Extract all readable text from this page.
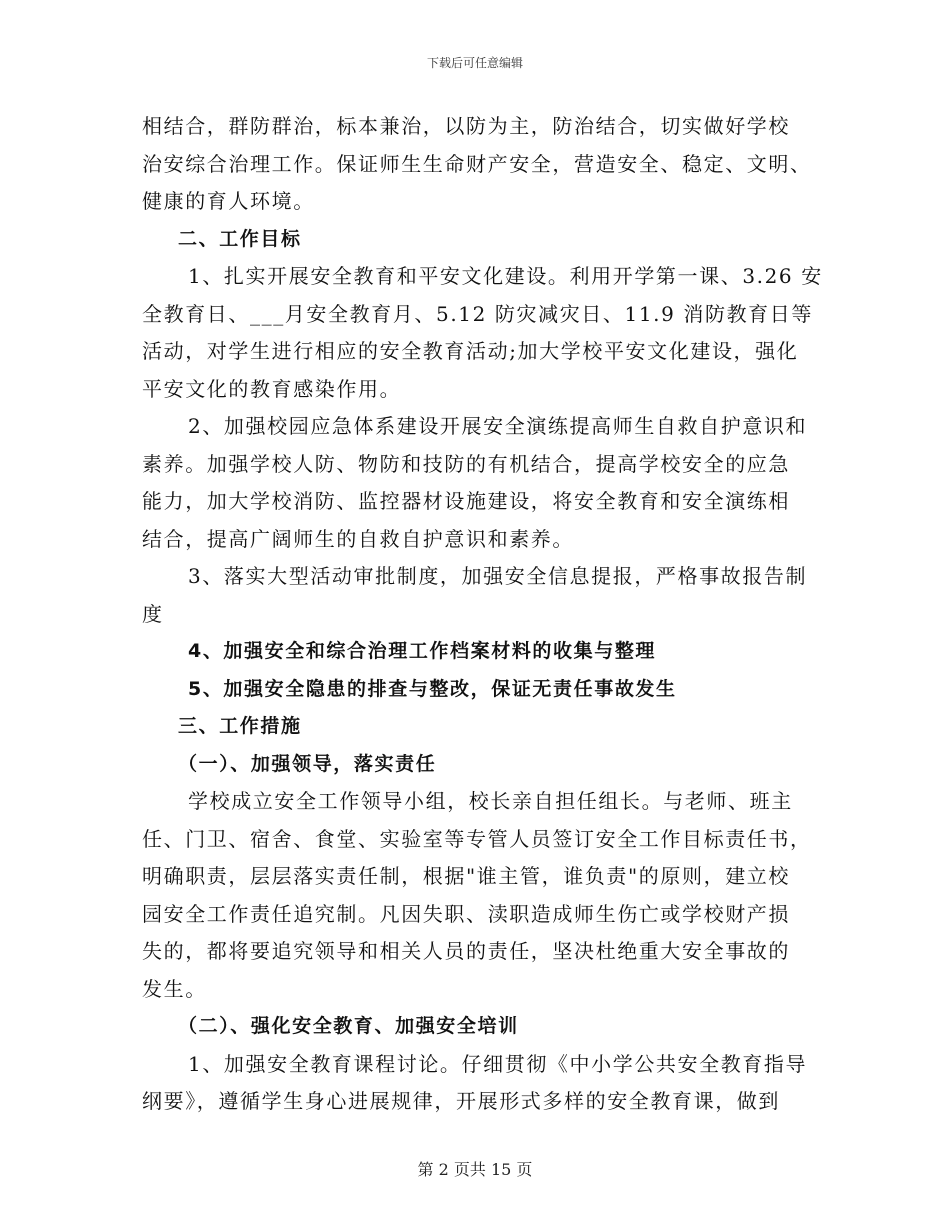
下载后可任意编辑
相结合，群防群治，标本兼治，以防为主，防治结合，切实做好学校
治安综合治理工作。保证师生生命财产安全，营造安全、稳定、文明、
健康的育人环境。
二、工作目标
1、扎实开展安全教育和平安文化建设。利用开学第一课、3.26 安
全教育日、___月安全教育月、5.12 防灾减灾日、11.9 消防教育日等
活动，对学生进行相应的安全教育活动;加大学校平安文化建设，强化
平安文化的教育感染作用。
2、加强校园应急体系建设开展安全演练提高师生自救自护意识和
素养。加强学校人防、物防和技防的有机结合，提高学校安全的应急
能力，加大学校消防、监控器材设施建设，将安全教育和安全演练相
结合，提高广阔师生的自救自护意识和素养。
3、落实大型活动审批制度，加强安全信息提报，严格事故报告制
度
4、加强安全和综合治理工作档案材料的收集与整理
5、加强安全隐患的排查与整改，保证无责任事故发生
三、工作措施
（一）、加强领导，落实责任
学校成立安全工作领导小组，校长亲自担任组长。与老师、班主
任、门卫、宿舍、食堂、实验室等专管人员签订安全工作目标责任书，
明确职责，层层落实责任制，根据"谁主管，谁负责"的原则，建立校
园安全工作责任追究制。凡因失职、渎职造成师生伤亡或学校财产损
失的，都将要追究领导和相关人员的责任，坚决杜绝重大安全事故的
发生。
（二）、强化安全教育、加强安全培训
1、加强安全教育课程讨论。仔细贯彻《中小学公共安全教育指导
纲要》，遵循学生身心进展规律，开展形式多样的安全教育课，做到
第 2 页共 15 页
